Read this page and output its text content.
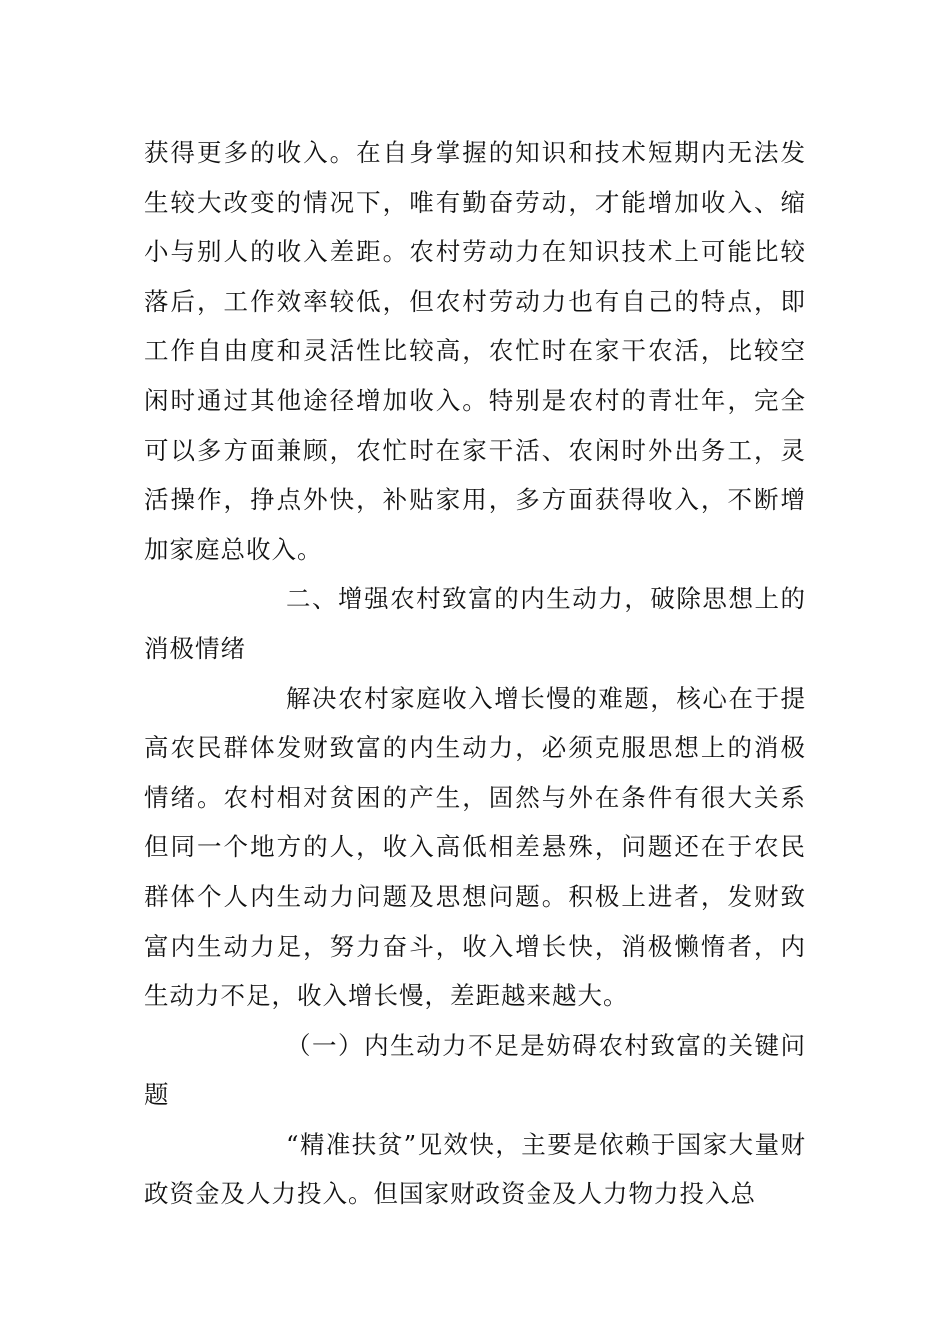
获得更多的收入。在自身掌握的知识和技术短期内无法发生较大改变的情况下，唯有勤奋劳动，才能增加收入、缩小与别人的收入差距。农村劳动力在知识技术上可能比较落后，工作效率较低，但农村劳动力也有自己的特点，即工作自由度和灵活性比较高，农忙时在家干农活，比较空闲时通过其他途径增加收入。特别是农村的青壮年，完全可以多方面兼顾，农忙时在家干活、农闲时外出务工，灵活操作，挣点外快，补贴家用，多方面获得收入，不断增加家庭总收入。

二、增强农村致富的内生动力，破除思想上的消极情绪

解决农村家庭收入增长慢的难题，核心在于提高农民群体发财致富的内生动力，必须克服思想上的消极情绪。农村相对贫困的产生，固然与外在条件有很大关系但同一个地方的人，收入高低相差悬殊，问题还在于农民群体个人内生动力问题及思想问题。积极上进者，发财致富内生动力足，努力奋斗，收入增长快，消极懒惰者，内生动力不足，收入增长慢，差距越来越大。

（一）内生动力不足是妨碍农村致富的关键问题

“精准扶贫”见效快，主要是依赖于国家大量财政资金及人力投入。但国家财政资金及人力物力投入总
